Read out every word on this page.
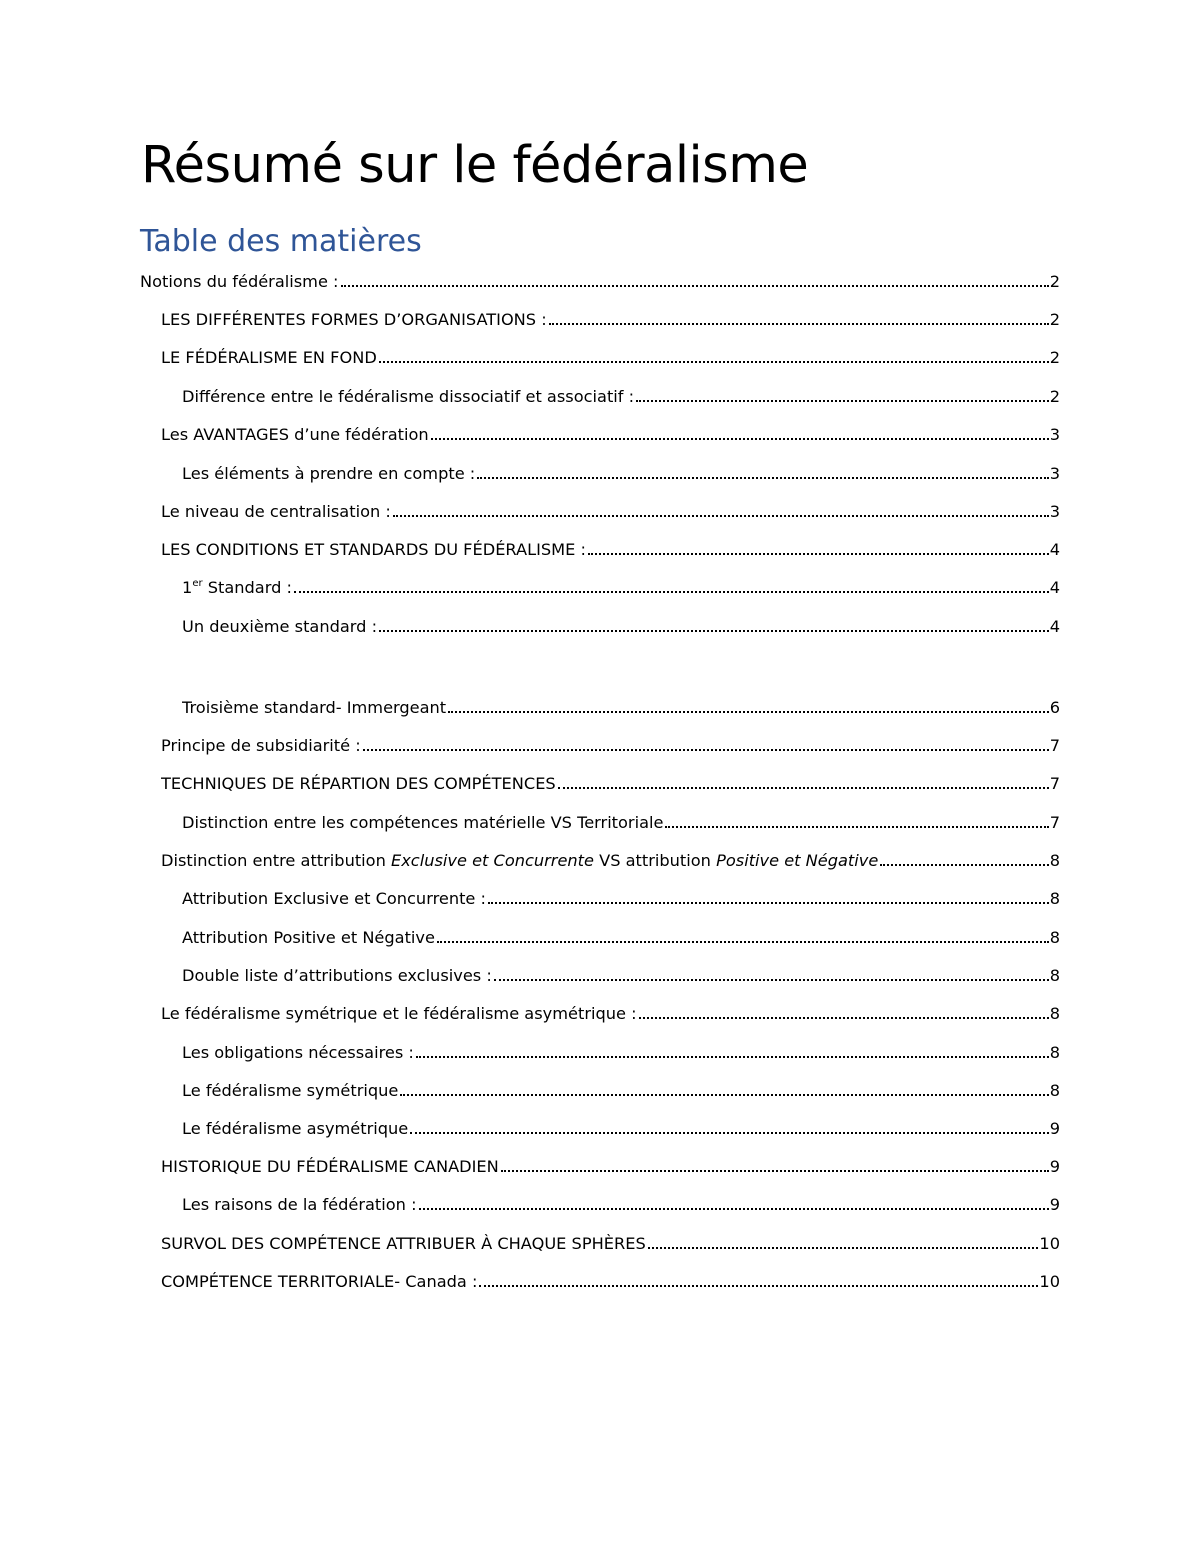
Résumé sur le fédéralisme
Table des matières
Notions du fédéralisme :	2
LES DIFFÉRENTES FORMES D’ORGANISATIONS :	2
LE FÉDÉRALISME EN FOND	2
Différence entre le fédéralisme dissociatif et associatif :	2
Les AVANTAGES d’une fédération	3
Les éléments à prendre en compte :	3
Le niveau de centralisation :	3
LES CONDITIONS ET STANDARDS DU FÉDÉRALISME :	4
1er Standard :	4
Un deuxième standard :	4
Troisième standard- Immergeant	6
Principe de subsidiarité :	7
TECHNIQUES DE RÉPARTION DES COMPÉTENCES	7
Distinction entre les compétences matérielle VS Territoriale	7
Distinction entre attribution Exclusive et Concurrente VS attribution Positive et Négative	8
Attribution Exclusive et Concurrente :	8
Attribution Positive et Négative	8
Double liste d’attributions exclusives :	8
Le fédéralisme symétrique et le fédéralisme asymétrique :	8
Les obligations nécessaires :	8
Le fédéralisme symétrique	8
Le fédéralisme asymétrique	9
HISTORIQUE DU FÉDÉRALISME CANADIEN	9
Les raisons de la fédération :	9
SURVOL DES COMPÉTENCE ATTRIBUER À CHAQUE SPHÈRES	10
COMPÉTENCE TERRITORIALE- Canada :	10
